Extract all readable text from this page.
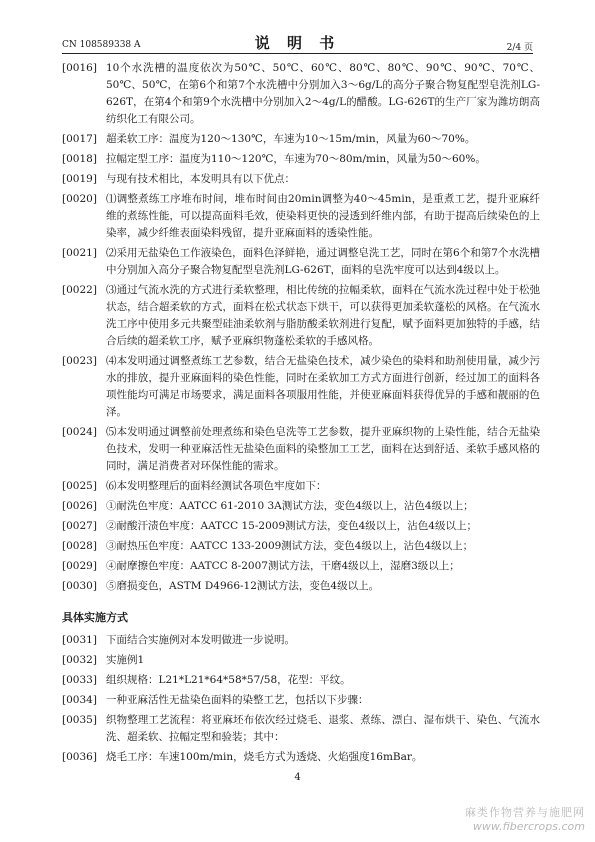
CN 108589338 A	说 明 书	2/4 页
[0016] 10个水洗槽的温度依次为50℃、50℃、60℃、80℃、80℃、90℃、90℃、70℃、50℃、50℃，在第6个和第7个水洗槽中分别加入3～6g/L的高分子聚合物复配型皂洗剂LG-626T，在第4个和第9个水洗槽中分别加入2～4g/L的醋酸。LG-626T的生产厂家为潍坊朗高纺织化工有限公司。
[0017] 超柔软工序：温度为120～130℃，车速为10～15m/min，风量为60～70%。
[0018] 拉幅定型工序：温度为110～120℃，车速为70～80m/min，风量为50～60%。
[0019] 与现有技术相比，本发明具有以下优点：
[0020] ⑴调整煮练工序堆布时间，堆布时间由20min调整为40～45min，是重煮工艺，提升亚麻纤维的煮练性能，可以提高面料毛效，使染料更快的浸透到纤维内部，有助于提高后续染色的上染率，减少纤维表面染料残留，提升亚麻面料的透染性能。
[0021] ⑵采用无盐染色工作液染色，面料色泽鲜艳，通过调整皂洗工艺，同时在第6个和第7个水洗槽中分别加入高分子聚合物复配型皂洗剂LG-626T，面料的皂洗牢度可以达到4级以上。
[0022] ⑶通过气流水洗的方式进行柔软整理，相比传统的拉幅柔软，面料在气流水洗过程中处于松弛状态，结合超柔软的方式，面料在松式状态下烘干，可以获得更加柔软蓬松的风格。在气流水洗工序中使用多元共聚型硅油柔软剂与脂肪酸柔软剂进行复配，赋予面料更加独特的手感，结合后续的超柔软工序，赋予亚麻织物蓬松柔软的手感风格。
[0023] ⑷本发明通过调整煮练工艺参数，结合无盐染色技术，减少染色的染料和助剂使用量，减少污水的排放，提升亚麻面料的染色性能，同时在柔软加工方式方面进行创新，经过加工的面料各项性能均可满足市场要求，满足面料各项服用性能，并使亚麻面料获得优异的手感和靓丽的色泽。
[0024] ⑸本发明通过调整前处理煮练和染色皂洗等工艺参数，提升亚麻织物的上染性能，结合无盐染色技术，发明一种亚麻活性无盐染色面料的染整加工工艺，面料在达到舒适、柔软手感风格的同时，满足消费者对环保性能的需求。
[0025] ⑹本发明整理后的面料经测试各项色牢度如下：
[0026] ①耐洗色牢度：AATCC 61-2010 3A测试方法，变色4级以上，沾色4级以上；
[0027] ②耐酸汗渍色牢度：AATCC 15-2009测试方法，变色4级以上，沾色4级以上；
[0028] ③耐热压色牢度：AATCC 133-2009测试方法，变色4级以上，沾色4级以上；
[0029] ④耐摩擦色牢度：AATCC 8-2007测试方法，干磨4级以上，湿磨3级以上；
[0030] ⑤磨损变色，ASTM D4966-12测试方法，变色4级以上。
具体实施方式
[0031] 下面结合实施例对本发明做进一步说明。
[0032] 实施例1
[0033] 组织规格：L21*L21*64*58*57/58，花型：平纹。
[0034] 一种亚麻活性无盐染色面料的染整工艺，包括以下步骤：
[0035] 织物整理工艺流程：将亚麻坯布依次经过烧毛、退浆、煮练、漂白、湿布烘干、染色、气流水洗、超柔软、拉幅定型和验装；其中：
[0036] 烧毛工序：车速100m/min，烧毛方式为透烧、火焰强度16mBar。
4
麻类作物营养与施肥网
www.fibercrops.com
